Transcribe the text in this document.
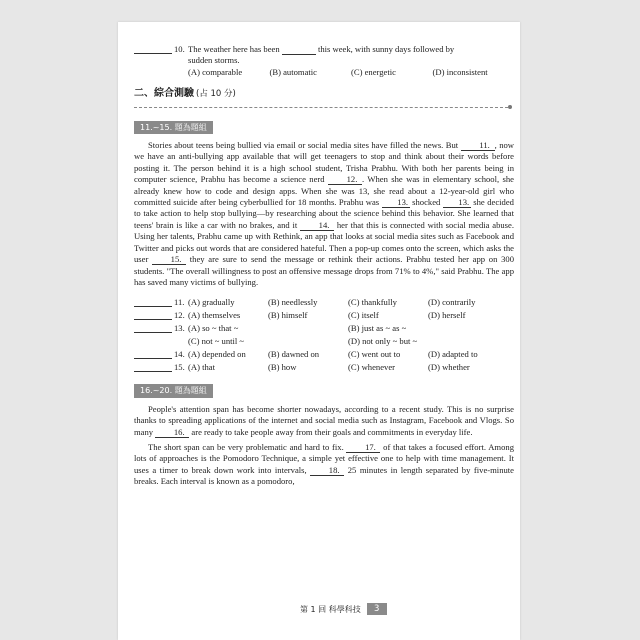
10. The weather here has been

	this week, with sunny days followed by
sudden storms.
(A) comparable	(B) automatic	(C) energetic	(D) inconsistent
二、綜合測驗 (占 10 分)
11.~15. 題為題組

Stories about teens being bullied via email or social media sites have filled the news. But 11. , now we have an anti-bullying app available that will get teenagers to stop and think about their words before posting it. The person behind it is a high school student, Trisha Prabhu. With both her parents being in computer science, Prabhu has become a science nerd 12. . When she was in elementary school, she already knew how to code and design apps. When she was 13, she read about a 12-year-old girl who committed suicide after being cyberbullied for 18 months. Prabhu was 13. shocked 13. she decided to take action to help stop bullying—by researching about the science behind this behavior. She learned that teens' brain is like a car with no brakes, and it 14. her that this is connected with social media abuse. Using her talents, Prabhu came up with Rethink, an app that looks at social media sites such as Facebook and Twitter and picks out words that are considered hateful. Then a pop-up comes onto the screen, which asks the user 15. they are sure to send the message or rethink their actions. Prabhu tested her app on 300 students. "The overall willingness to post an offensive message drops from 71% to 4%," said Prabhu. The app has saved many victims of bullying.

11. (A) gradually	(B) needlessly	(C) thankfully	(D) contrarily
12. (A) themselves	(B) himself	(C) itself	(D) herself
13. (A) so ~ that ~	(B) just as ~ as ~
(C) not ~ until ~	(D) not only ~ but ~
14. (A) depended on	(B) dawned on	(C) went out to	(D) adapted to
15. (A) that	(B) how	(C) whenever	(D) whether
16.~20. 題為題組

People's attention span has become shorter nowadays, according to a recent study. This is no surprise thanks to spreading applications of the internet and social media such as Instagram, Facebook and Vlogs. So many 16. are ready to take people away from their goals and commitments in everyday life.

The short span can be very problematic and hard to fix. 17. of that takes a focused effort. Among lots of approaches is the Pomodoro Technique, a simple yet effective one to help with time management. It uses a timer to break down work into intervals, 18. 25 minutes in length separated by five-minute breaks. Each interval is known as a pomodoro,

第 1 回 科學科技	3
